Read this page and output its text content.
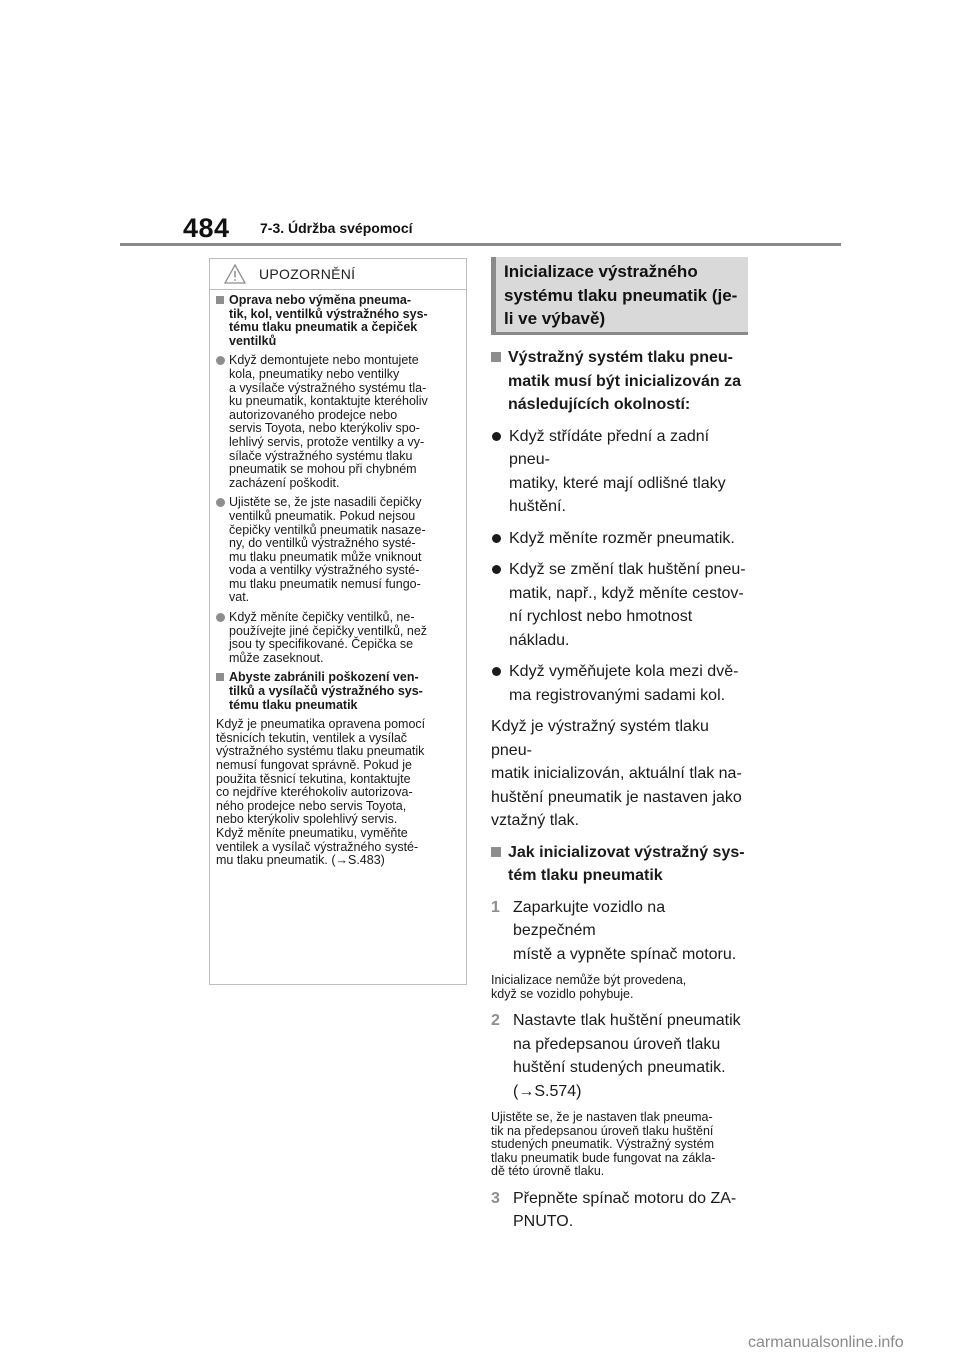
484 7-3. Údržba svépomocí
UPOZORNĚNÍ
Oprava nebo výměna pneuma-
tik, kol, ventilků výstražného sys-
tému tlaku pneumatik a čepiček
ventilků
Když demontujete nebo montujete
kola, pneumatiky nebo ventilky
a vysílače výstražného systému tla-
ku pneumatik, kontaktujte kteréholiv autorizovaného prodejce nebo
servis Toyota, nebo kterýkoliv spo-
lehlivý servis, protože ventilky a vy-
sílače výstražného systému tlaku
pneumatik se mohou při chybném
zacházení poškodit.
Ujistěte se, že jste nasadili čepičky
ventilků pneumatik. Pokud nejsou
čepičky ventilků pneumatik nasaze-
ny, do ventilků výstražného systé-
mu tlaku pneumatik může vniknout
voda a ventilky výstražného systé-
mu tlaku pneumatik nemusí fungo-
vat.
Když měníte čepičky ventilků, ne-
používejte jiné čepičky ventilků, než
jsou ty specifikované. Čepička se
může zaseknout.
Abyste zabránili poškození ven-
tilků a vysílačů výstražného sys-
tému tlaku pneumatik
Když je pneumatika opravena pomocí
těsnicích tekutin, ventilek a vysílač
výstražného systému tlaku pneumatik
nemusí fungovat správně. Pokud je
použita těsnicí tekutina, kontaktujte
co nejdříve kteréhokoliv autorizova-
ného prodejce nebo servis Toyota,
nebo kterýkoliv spolehlivý servis.
Když měníte pneumatiku, vyměňte
ventilek a vysílač výstražného systé-
mu tlaku pneumatik. (→S.483)
Inicializace výstražného systému tlaku pneumatik (je-li ve výbavě)
Výstražný systém tlaku pneu-
matik musí být inicializován za
následujících okolností:
Když střídáte přední a zadní pneu-
matiky, které mají odlišné tlaky
huštění.
Když měníte rozměr pneumatik.
Když se změní tlak huštění pneu-
matik, např., když měníte cestov-
ní rychlost nebo hmotnost
nákladu.
Když vyměňujete kola mezi dvě-
ma registrovanými sadami kol.
Když je výstražný systém tlaku pneu-
matik inicializován, aktuální tlak na-
huštění pneumatik je nastaven jako
vztažný tlak.
Jak inicializovat výstražný sys-
tém tlaku pneumatik
1 Zaparkujte vozidlo na bezpečném
místě a vypněte spínač motoru.
Inicializace nemůže být provedena,
když se vozidlo pohybuje.
2 Nastavte tlak huštění pneumatik
na předepsanou úroveň tlaku
huštění studených pneumatik.
(→S.574)
Ujistěte se, že je nastaven tlak pneuma-
tik na předepsanou úroveň tlaku huštění
studených pneumatik. Výstražný systém
tlaku pneumatik bude fungovat na zákla-
dě této úrovně tlaku.
3 Přepněte spínač motoru do ZA-
PNUTO.
carmanualsonline.info
